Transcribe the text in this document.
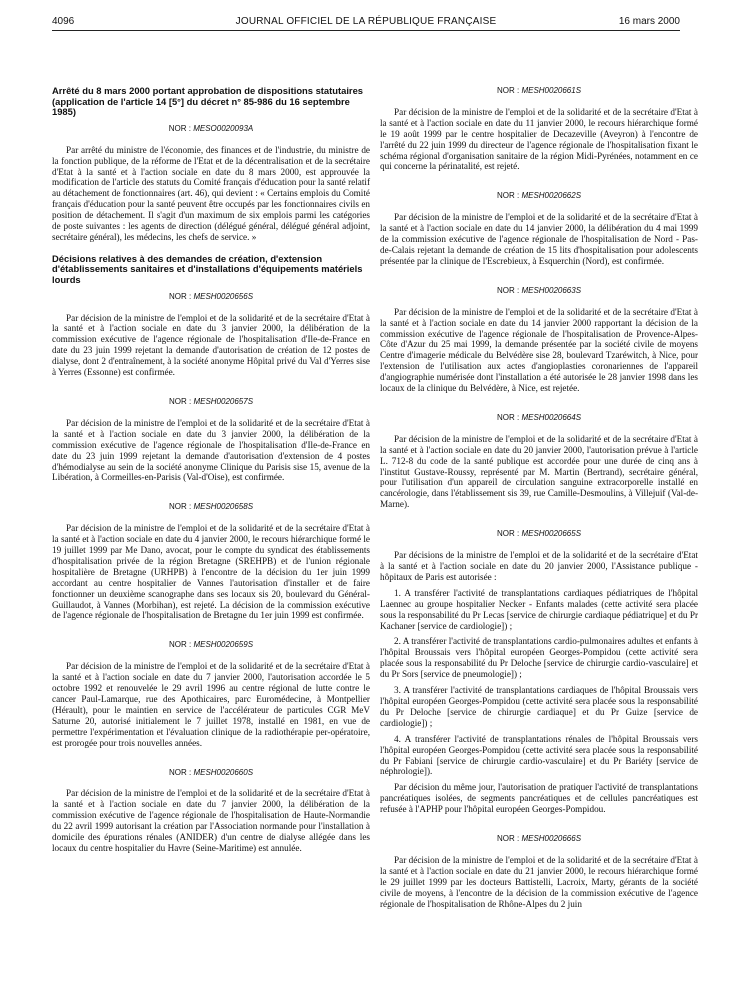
4096	JOURNAL OFFICIEL DE LA RÉPUBLIQUE FRANÇAISE	16 mars 2000
Arrêté du 8 mars 2000 portant approbation de dispositions statutaires (application de l'article 14 [5°] du décret n° 85-986 du 16 septembre 1985)
NOR : MESO0020093A

Par arrêté du ministre de l'économie, des finances et de l'industrie, du ministre de la fonction publique, de la réforme de l'Etat et de la décentralisation et de la secrétaire d'Etat à la santé et à l'action sociale en date du 8 mars 2000, est approuvée la modification de l'article des statuts du Comité français d'éducation pour la santé relatif au détachement de fonctionnaires (art. 46), qui devient : « Certains emplois du Comité français d'éducation pour la santé peuvent être occupés par les fonctionnaires civils en position de détachement. Il s'agit d'un maximum de six emplois parmi les catégories de poste suivantes : les agents de direction (délégué général, délégué général adjoint, secrétaire général), les médecins, les chefs de service. »

Décisions relatives à des demandes de création, d'extension d'établissements sanitaires et d'installations d'équipements matériels lourds
NOR : MESH0020656S

Par décision de la ministre de l'emploi et de la solidarité et de la secrétaire d'Etat à la santé et à l'action sociale en date du 3 janvier 2000, la délibération de la commission exécutive de l'agence régionale de l'hospitalisation d'Ile-de-France en date du 23 juin 1999 rejetant la demande d'autorisation de création de 12 postes de dialyse, dont 2 d'entraînement, à la société anonyme Hôpital privé du Val d'Yerres sise à Yerres (Essonne) est confirmée.

NOR : MESH0020657S

Par décision de la ministre de l'emploi et de la solidarité et de la secrétaire d'Etat à la santé et à l'action sociale en date du 3 janvier 2000, la délibération de la commission exécutive de l'agence régionale de l'hospitalisation d'Ile-de-France en date du 23 juin 1999 rejetant la demande d'autorisation d'extension de 4 postes d'hémodialyse au sein de la société anonyme Clinique du Parisis sise 15, avenue de la Libération, à Cormeilles-en-Parisis (Val-d'Oise), est confirmée.

NOR : MESH0020658S

Par décision de la ministre de l'emploi et de la solidarité et de la secrétaire d'Etat à la santé et à l'action sociale en date du 4 janvier 2000, le recours hiérarchique formé le 19 juillet 1999 par Me Dano, avocat, pour le compte du syndicat des établissements d'hospitalisation privée de la région Bretagne (SREHPB) et de l'union régionale hospitalière de Bretagne (URHPB) à l'encontre de la décision du 1er juin 1999 accordant au centre hospitalier de Vannes l'autorisation d'installer et de faire fonctionner un deuxième scanographe dans ses locaux sis 20, boulevard du Général-Guillaudot, à Vannes (Morbihan), est rejeté. La décision de la commission exécutive de l'agence régionale de l'hospitalisation de Bretagne du 1er juin 1999 est confirmée.

NOR : MESH0020659S

Par décision de la ministre de l'emploi et de la solidarité et de la secrétaire d'Etat à la santé et à l'action sociale en date du 7 janvier 2000, l'autorisation accordée le 5 octobre 1992 et renouvelée le 29 avril 1996 au centre régional de lutte contre le cancer Paul-Lamarque, rue des Apothicaires, parc Euromédecine, à Montpellier (Hérault), pour le maintien en service de l'accélérateur de particules CGR MeV Saturne 20, autorisé initialement le 7 juillet 1978, installé en 1981, en vue de permettre l'expérimentation et l'évaluation clinique de la radiothérapie per-opératoire, est prorogée pour trois nouvelles années.

NOR : MESH0020660S

Par décision de la ministre de l'emploi et de la solidarité et de la secrétaire d'Etat à la santé et à l'action sociale en date du 7 janvier 2000, la délibération de la commission exécutive de l'agence régionale de l'hospitalisation de Haute-Normandie du 22 avril 1999 autorisant la création par l'Association normande pour l'installation à domicile des épurations rénales (ANIDER) d'un centre de dialyse allégée dans les locaux du centre hospitalier du Havre (Seine-Maritime) est annulée.

NOR : MESH0020661S

Par décision de la ministre de l'emploi et de la solidarité et de la secrétaire d'Etat à la santé et à l'action sociale en date du 11 janvier 2000, le recours hiérarchique formé le 19 août 1999 par le centre hospitalier de Decazeville (Aveyron) à l'encontre de l'arrêté du 22 juin 1999 du directeur de l'agence régionale de l'hospitalisation fixant le schéma régional d'organisation sanitaire de la région Midi-Pyrénées, notamment en ce qui concerne la périnatalité, est rejeté.

NOR : MESH0020662S

Par décision de la ministre de l'emploi et de la solidarité et de la secrétaire d'Etat à la santé et à l'action sociale en date du 14 janvier 2000, la délibération du 4 mai 1999 de la commission exécutive de l'agence régionale de l'hospitalisation de Nord - Pas-de-Calais rejetant la demande de création de 15 lits d'hospitalisation pour adolescents présentée par la clinique de l'Escrebieux, à Esquerchin (Nord), est confirmée.

NOR : MESH0020663S

Par décision de la ministre de l'emploi et de la solidarité et de la secrétaire d'Etat à la santé et à l'action sociale en date du 14 janvier 2000 rapportant la décision de la commission exécutive de l'agence régionale de l'hospitalisation de Provence-Alpes-Côte d'Azur du 25 mai 1999, la demande présentée par la société civile de moyens Centre d'imagerie médicale du Belvédère sise 28, boulevard Tzaréwitch, à Nice, pour l'extension de l'utilisation aux actes d'angioplasties coronariennes de l'appareil d'angiographie numérisée dont l'installation a été autorisée le 28 janvier 1998 dans les locaux de la clinique du Belvédère, à Nice, est rejetée.

NOR : MESH0020664S

Par décision de la ministre de l'emploi et de la solidarité et de la secrétaire d'Etat à la santé et à l'action sociale en date du 20 janvier 2000, l'autorisation prévue à l'article L. 712-8 du code de la santé publique est accordée pour une durée de cinq ans à l'institut Gustave-Roussy, représenté par M. Martin (Bertrand), secrétaire général, pour l'utilisation d'un appareil de circulation sanguine extracorporelle installé en cancérologie, dans l'établissement sis 39, rue Camille-Desmoulins, à Villejuif (Val-de-Marne).

NOR : MESH0020665S

Par décisions de la ministre de l'emploi et de la solidarité et de la secrétaire d'Etat à la santé et à l'action sociale en date du 20 janvier 2000, l'Assistance publique - hôpitaux de Paris est autorisée :

1. A transférer l'activité de transplantations cardiaques pédiatriques de l'hôpital Laennec au groupe hospitalier Necker - Enfants malades (cette activité sera placée sous la responsabilité du Pr Lecas [service de chirurgie cardiaque pédiatrique] et du Pr Kachaner [service de cardiologie]) ;

2. A transférer l'activité de transplantations cardio-pulmonaires adultes et enfants à l'hôpital Broussais vers l'hôpital européen Georges-Pompidou (cette activité sera placée sous la responsabilité du Pr Deloche [service de chirurgie cardio-vasculaire] et du Pr Sors [service de pneumologie]) ;

3. A transférer l'activité de transplantations cardiaques de l'hôpital Broussais vers l'hôpital européen Georges-Pompidou (cette activité sera placée sous la responsabilité du Pr Deloche [service de chirurgie cardiaque] et du Pr Guize [service de cardiologie]) ;

4. A transférer l'activité de transplantations rénales de l'hôpital Broussais vers l'hôpital européen Georges-Pompidou (cette activité sera placée sous la responsabilité du Pr Fabiani [service de chirurgie cardio-vasculaire] et du Pr Bariéty [service de néphrologie]).

Par décision du même jour, l'autorisation de pratiquer l'activité de transplantations pancréatiques isolées, de segments pancréatiques et de cellules pancréatiques est refusée à l'APHP pour l'hôpital européen Georges-Pompidou.

NOR : MESH0020666S

Par décision de la ministre de l'emploi et de la solidarité et de la secrétaire d'Etat à la santé et à l'action sociale en date du 21 janvier 2000, le recours hiérarchique formé le 29 juillet 1999 par les docteurs Battistelli, Lacroix, Marty, gérants de la société civile de moyens, à l'encontre de la décision de la commission exécutive de l'agence régionale de l'hospitalisation de Rhône-Alpes du 2 juin
